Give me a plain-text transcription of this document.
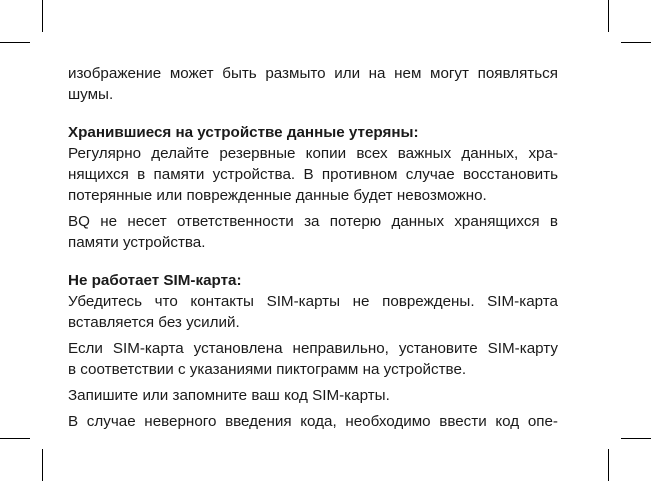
изображение может быть размыто или на нем могут появляться
шумы.

Хранившиеся на устройстве данные утеряны:

Регулярно делайте резервные копии всех важных данных, хра-
нящихся в памяти устройства. В противном случае восстановить
потерянные или поврежденные данные будет невозможно.

BQ не несет ответственности за потерю данных хранящихся в
памяти устройства.

Не работает SIM-карта:

Убедитесь что контакты SIM-карты не повреждены. SIM-карта
вставляется без усилий.

Если SIM-карта установлена неправильно, установите SIM-карту
в соответствии с указаниями пиктограмм на устройстве.

Запишите или запомните ваш код SIM-карты.

В случае неверного введения кода, необходимо ввести код опе-
